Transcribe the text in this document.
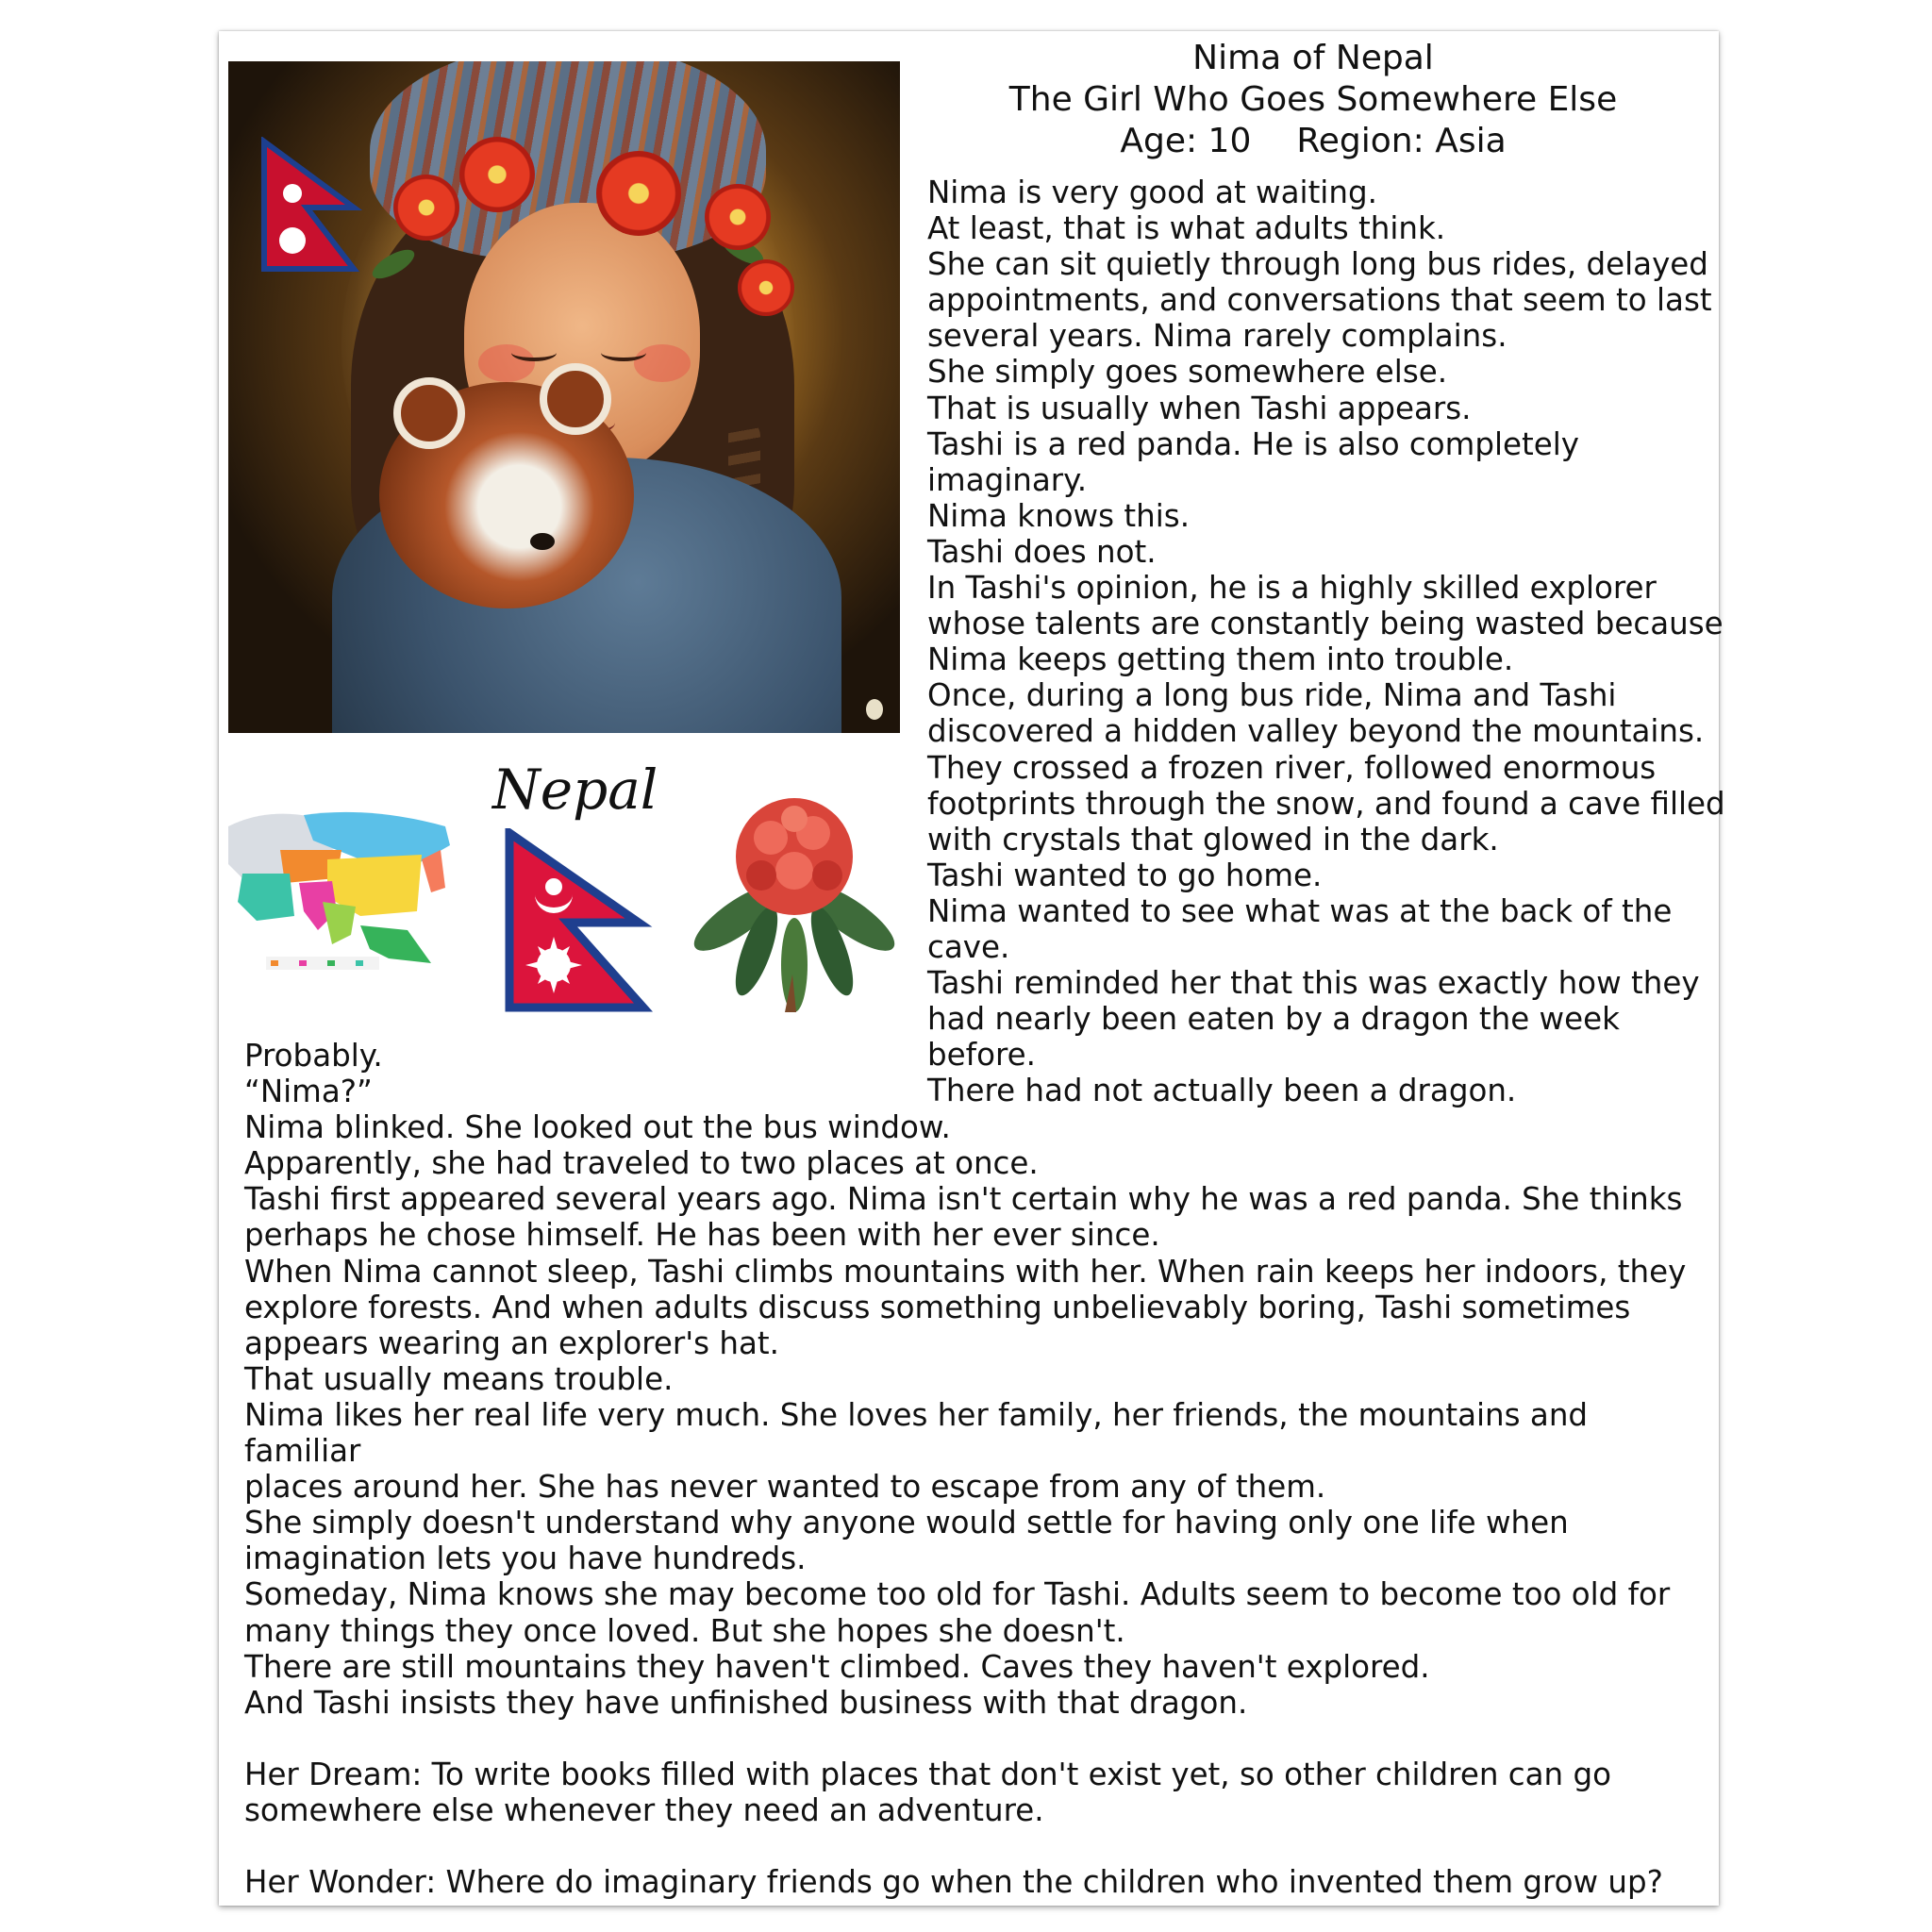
Nima of Nepal
The Girl Who Goes Somewhere Else
Age: 10 Region: Asia
Nima is very good at waiting.
At least, that is what adults think.
She can sit quietly through long bus rides, delayed
appointments, and conversations that seem to last
several years. Nima rarely complains.
She simply goes somewhere else.
That is usually when Tashi appears.
Tashi is a red panda. He is also completely imaginary.
Nima knows this.
Tashi does not.
In Tashi's opinion, he is a highly skilled explorer
whose talents are constantly being wasted because
Nima keeps getting them into trouble.
Once, during a long bus ride, Nima and Tashi
discovered a hidden valley beyond the mountains.
They crossed a frozen river, followed enormous
footprints through the snow, and found a cave filled
with crystals that glowed in the dark.
Tashi wanted to go home.
Nima wanted to see what was at the back of the
cave.
Tashi reminded her that this was exactly how they
had nearly been eaten by a dragon the week before.
There had not actually been a dragon.
Nepal
Probably.
“Nima?”
Nima blinked. She looked out the bus window.
Apparently, she had traveled to two places at once.
Tashi first appeared several years ago. Nima isn't certain why he was a red panda. She thinks
perhaps he chose himself. He has been with her ever since.
When Nima cannot sleep, Tashi climbs mountains with her. When rain keeps her indoors, they
explore forests. And when adults discuss something unbelievably boring, Tashi sometimes
appears wearing an explorer's hat.
That usually means trouble.
Nima likes her real life very much. She loves her family, her friends, the mountains and familiar
places around her. She has never wanted to escape from any of them.
She simply doesn't understand why anyone would settle for having only one life when
imagination lets you have hundreds.
Someday, Nima knows she may become too old for Tashi. Adults seem to become too old for
many things they once loved. But she hopes she doesn't.
There are still mountains they haven't climbed. Caves they haven't explored.
And Tashi insists they have unfinished business with that dragon.

Her Dream: To write books filled with places that don't exist yet, so other children can go
somewhere else whenever they need an adventure.

Her Wonder: Where do imaginary friends go when the children who invented them grow up?
